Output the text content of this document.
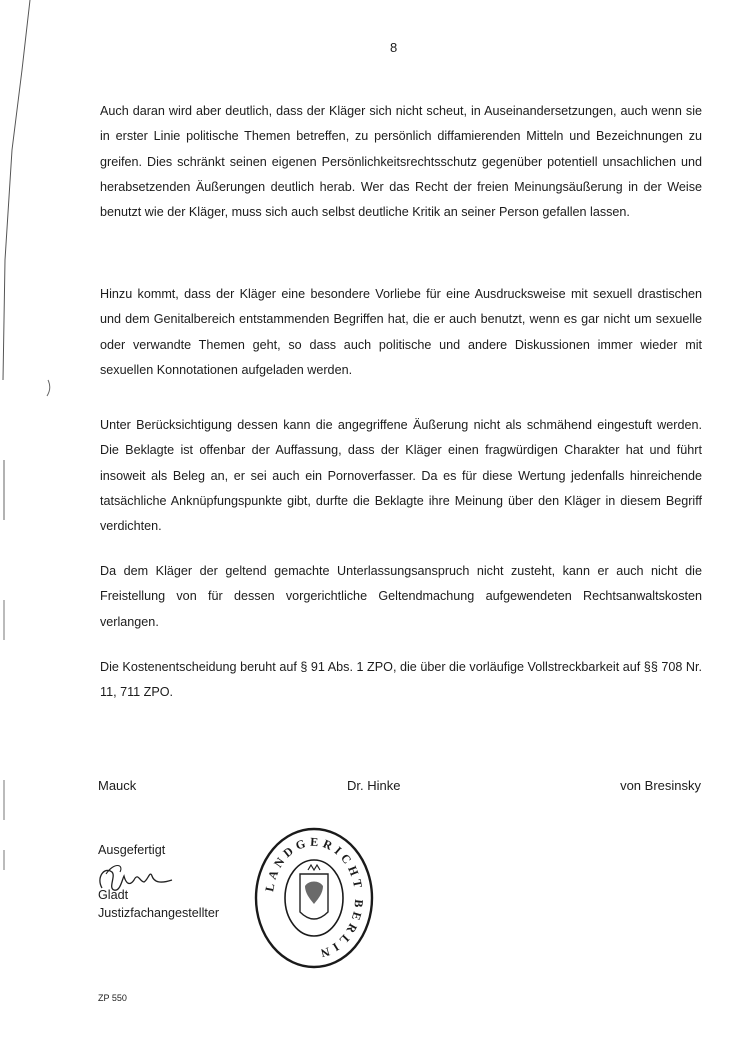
8

Auch daran wird aber deutlich, dass der Kläger sich nicht scheut, in Auseinandersetzungen, auch wenn sie in erster Linie politische Themen betreffen, zu persönlich diffamierenden Mitteln und Bezeichnungen zu greifen. Dies schränkt seinen eigenen Persönlichkeitsrechtsschutz gegenüber potentiell unsachlichen und herabsetzenden Äußerungen deutlich herab. Wer das Recht der freien Meinungsäußerung in der Weise benutzt wie der Kläger, muss sich auch selbst deutliche Kritik an seiner Person gefallen lassen.

Hinzu kommt, dass der Kläger eine besondere Vorliebe für eine Ausdrucksweise mit sexuell drastischen und dem Genitalbereich entstammenden Begriffen hat, die er auch benutzt, wenn es gar nicht um sexuelle oder verwandte Themen geht, so dass auch politische und andere Diskussionen immer wieder mit sexuellen Konnotationen aufgeladen werden.

Unter Berücksichtigung dessen kann die angegriffene Äußerung nicht als schmähend eingestuft werden. Die Beklagte ist offenbar der Auffassung, dass der Kläger einen fragwürdigen Charakter hat und führt insoweit als Beleg an, er sei auch ein Pornoverfasser. Da es für diese Wertung jedenfalls hinreichende tatsächliche Anknüpfungspunkte gibt, durfte die Beklagte ihre Meinung über den Kläger in diesem Begriff verdichten.

Da dem Kläger der geltend gemachte Unterlassungsanspruch nicht zusteht, kann er auch nicht die Freistellung von für dessen vorgerichtliche Geltendmachung aufgewendeten Rechtsanwaltskosten verlangen.

Die Kostenentscheidung beruht auf § 91 Abs. 1 ZPO, die über die vorläufige Vollstreckbarkeit auf §§ 708 Nr. 11, 711 ZPO.

Mauck	Dr. Hinke	von Bresinsky
Ausgefertigt
Gladt
Justizfachangestellter
LANDGERICHT BERLIN
ZP 550
